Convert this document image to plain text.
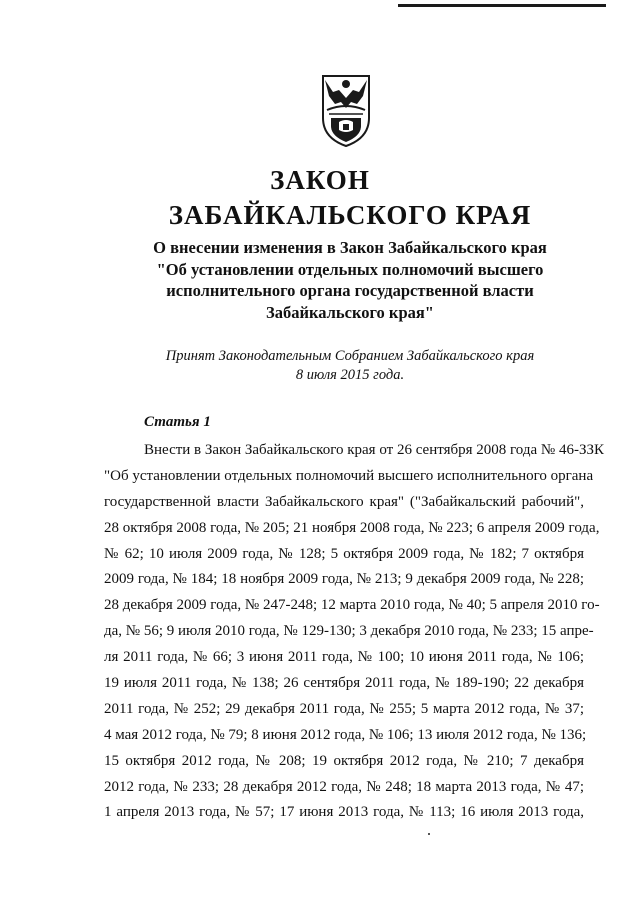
ЗАКОН
ЗАБАЙКАЛЬСКОГО КРАЯ
О внесении изменения в Закон Забайкальского края
"Об установлении отдельных полномочий высшего
исполнительного органа государственной власти
Забайкальского края"
Принят Законодательным Собранием Забайкальского края
8 июля 2015 года.
Статья 1
Внести в Закон Забайкальского края от 26 сентября 2008 года № 46-ЗЗК
"Об установлении отдельных полномочий высшего исполнительного органа
государственной власти Забайкальского края" ("Забайкальский рабочий",
28 октября 2008 года, № 205; 21 ноября 2008 года, № 223; 6 апреля 2009 года,
№ 62; 10 июля 2009 года, № 128; 5 октября 2009 года, № 182; 7 октября
2009 года, № 184; 18 ноября 2009 года, № 213; 9 декабря 2009 года, № 228;
28 декабря 2009 года, № 247-248; 12 марта 2010 года, № 40; 5 апреля 2010 го-
да, № 56; 9 июля 2010 года, № 129-130; 3 декабря 2010 года, № 233; 15 апре-
ля 2011 года, № 66; 3 июня 2011 года, № 100; 10 июня 2011 года, № 106;
19 июля 2011 года, № 138; 26 сентября 2011 года, № 189-190; 22 декабря
2011 года, № 252; 29 декабря 2011 года, № 255; 5 марта 2012 года, № 37;
4 мая 2012 года, № 79; 8 июня 2012 года, № 106; 13 июля 2012 года, № 136;
15 октября 2012 года, № 208; 19 октября 2012 года, № 210; 7 декабря
2012 года, № 233; 28 декабря 2012 года, № 248; 18 марта 2013 года, № 47;
1 апреля 2013 года, № 57; 17 июня 2013 года, № 113; 16 июля 2013 года,
